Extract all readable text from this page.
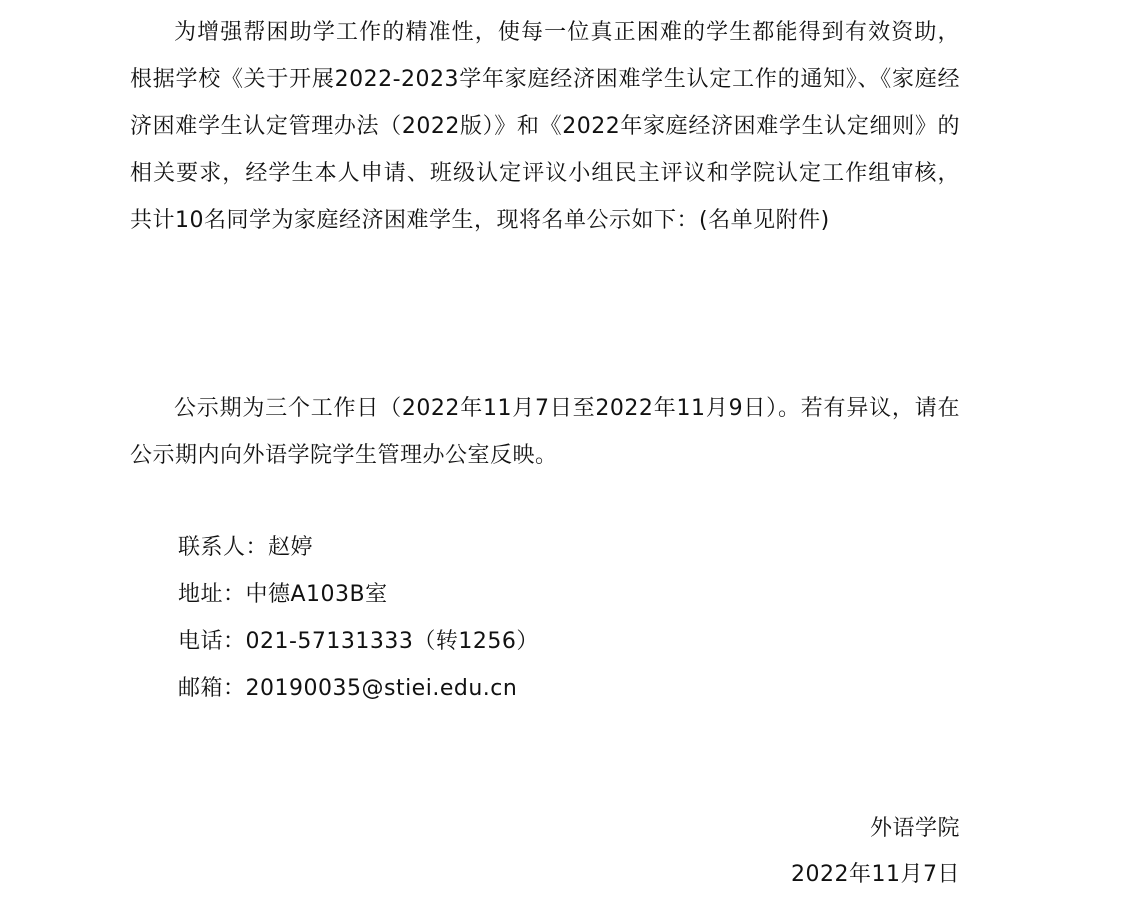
为增强帮困助学工作的精准性，使每一位真正困难的学生都能得到有效资助，根据学校《关于开展2022-2023学年家庭经济困难学生认定工作的通知》、《家庭经济困难学生认定管理办法（2022版）》和《2022年家庭经济困难学生认定细则》的相关要求，经学生本人申请、班级认定评议小组民主评议和学院认定工作组审核，共计10名同学为家庭经济困难学生，现将名单公示如下：(名单见附件)

公示期为三个工作日（2022年11月7日至2022年11月9日）。若有异议，请在公示期内向外语学院学生管理办公室反映。

联系人：赵婷
地址：中德A103B室
电话：021-57131333（转1256）
邮箱：20190035@stiei.edu.cn
外语学院
2022年11月7日
